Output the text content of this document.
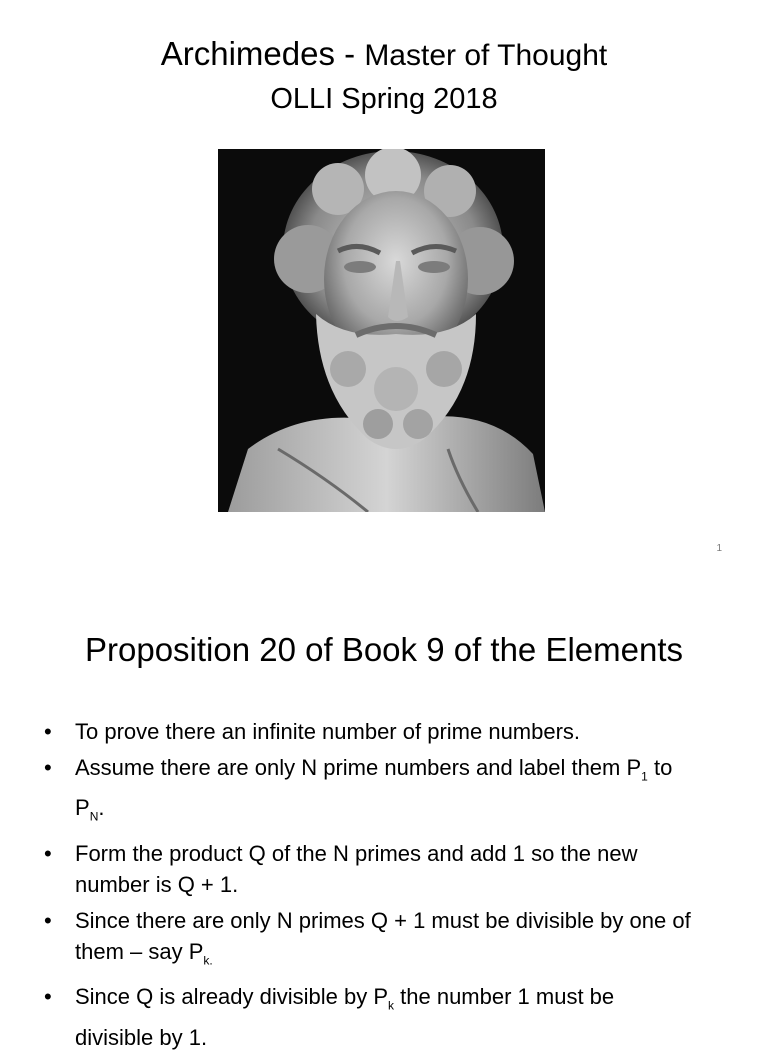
Archimedes - Master of Thought
OLLI Spring 2018
1
Proposition 20 of Book 9 of the Elements
• To prove there an infinite number of prime numbers.
• Assume there are only N prime numbers and label them $P_1$ to $P_N$.
• Form the product Q of the N primes and add 1 so the new number is Q + 1.
• Since there are only N primes Q + 1 must be divisible by one of them – say $P_{k.}$
• Since Q is already divisible by $P_k$ the number 1 must be divisible by 1.
